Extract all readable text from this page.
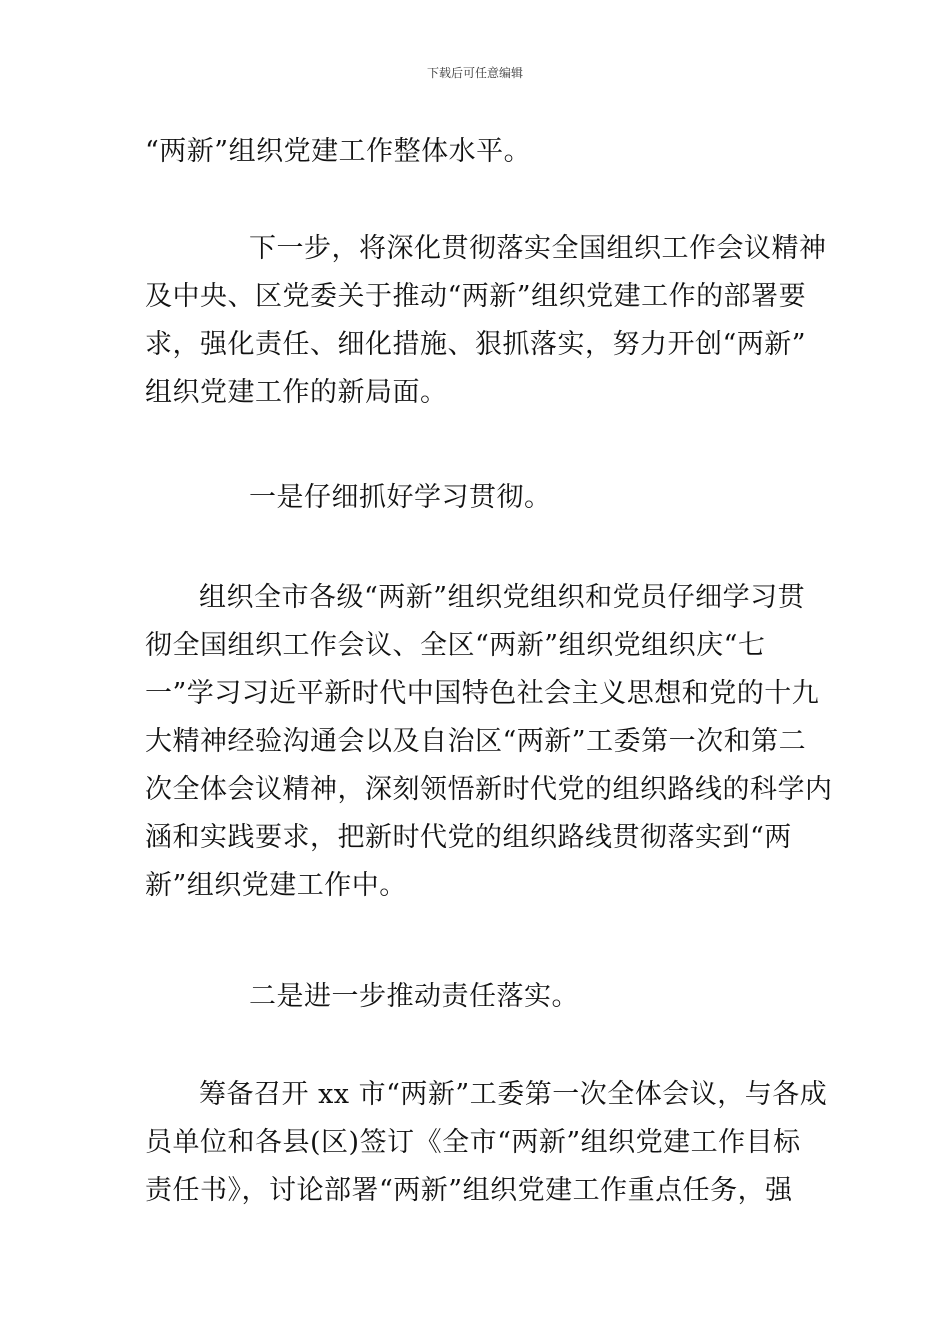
下载后可任意编辑
“两新”组织党建工作整体水平。
下一步，将深化贯彻落实全国组织工作会议精神
及中央、区党委关于推动“两新”组织党建工作的部署要
求，强化责任、细化措施、狠抓落实，努力开创“两新”
组织党建工作的新局面。
一是仔细抓好学习贯彻。
组织全市各级“两新”组织党组织和党员仔细学习贯
彻全国组织工作会议、全区“两新”组织党组织庆“七
一”学习习近平新时代中国特色社会主义思想和党的十九
大精神经验沟通会以及自治区“两新”工委第一次和第二
次全体会议精神，深刻领悟新时代党的组织路线的科学内
涵和实践要求，把新时代党的组织路线贯彻落实到“两
新”组织党建工作中。
二是进一步推动责任落实。
筹备召开 xx 市“两新”工委第一次全体会议，与各成
员单位和各县(区)签订《全市“两新”组织党建工作目标
责任书》，讨论部署“两新”组织党建工作重点任务，强
